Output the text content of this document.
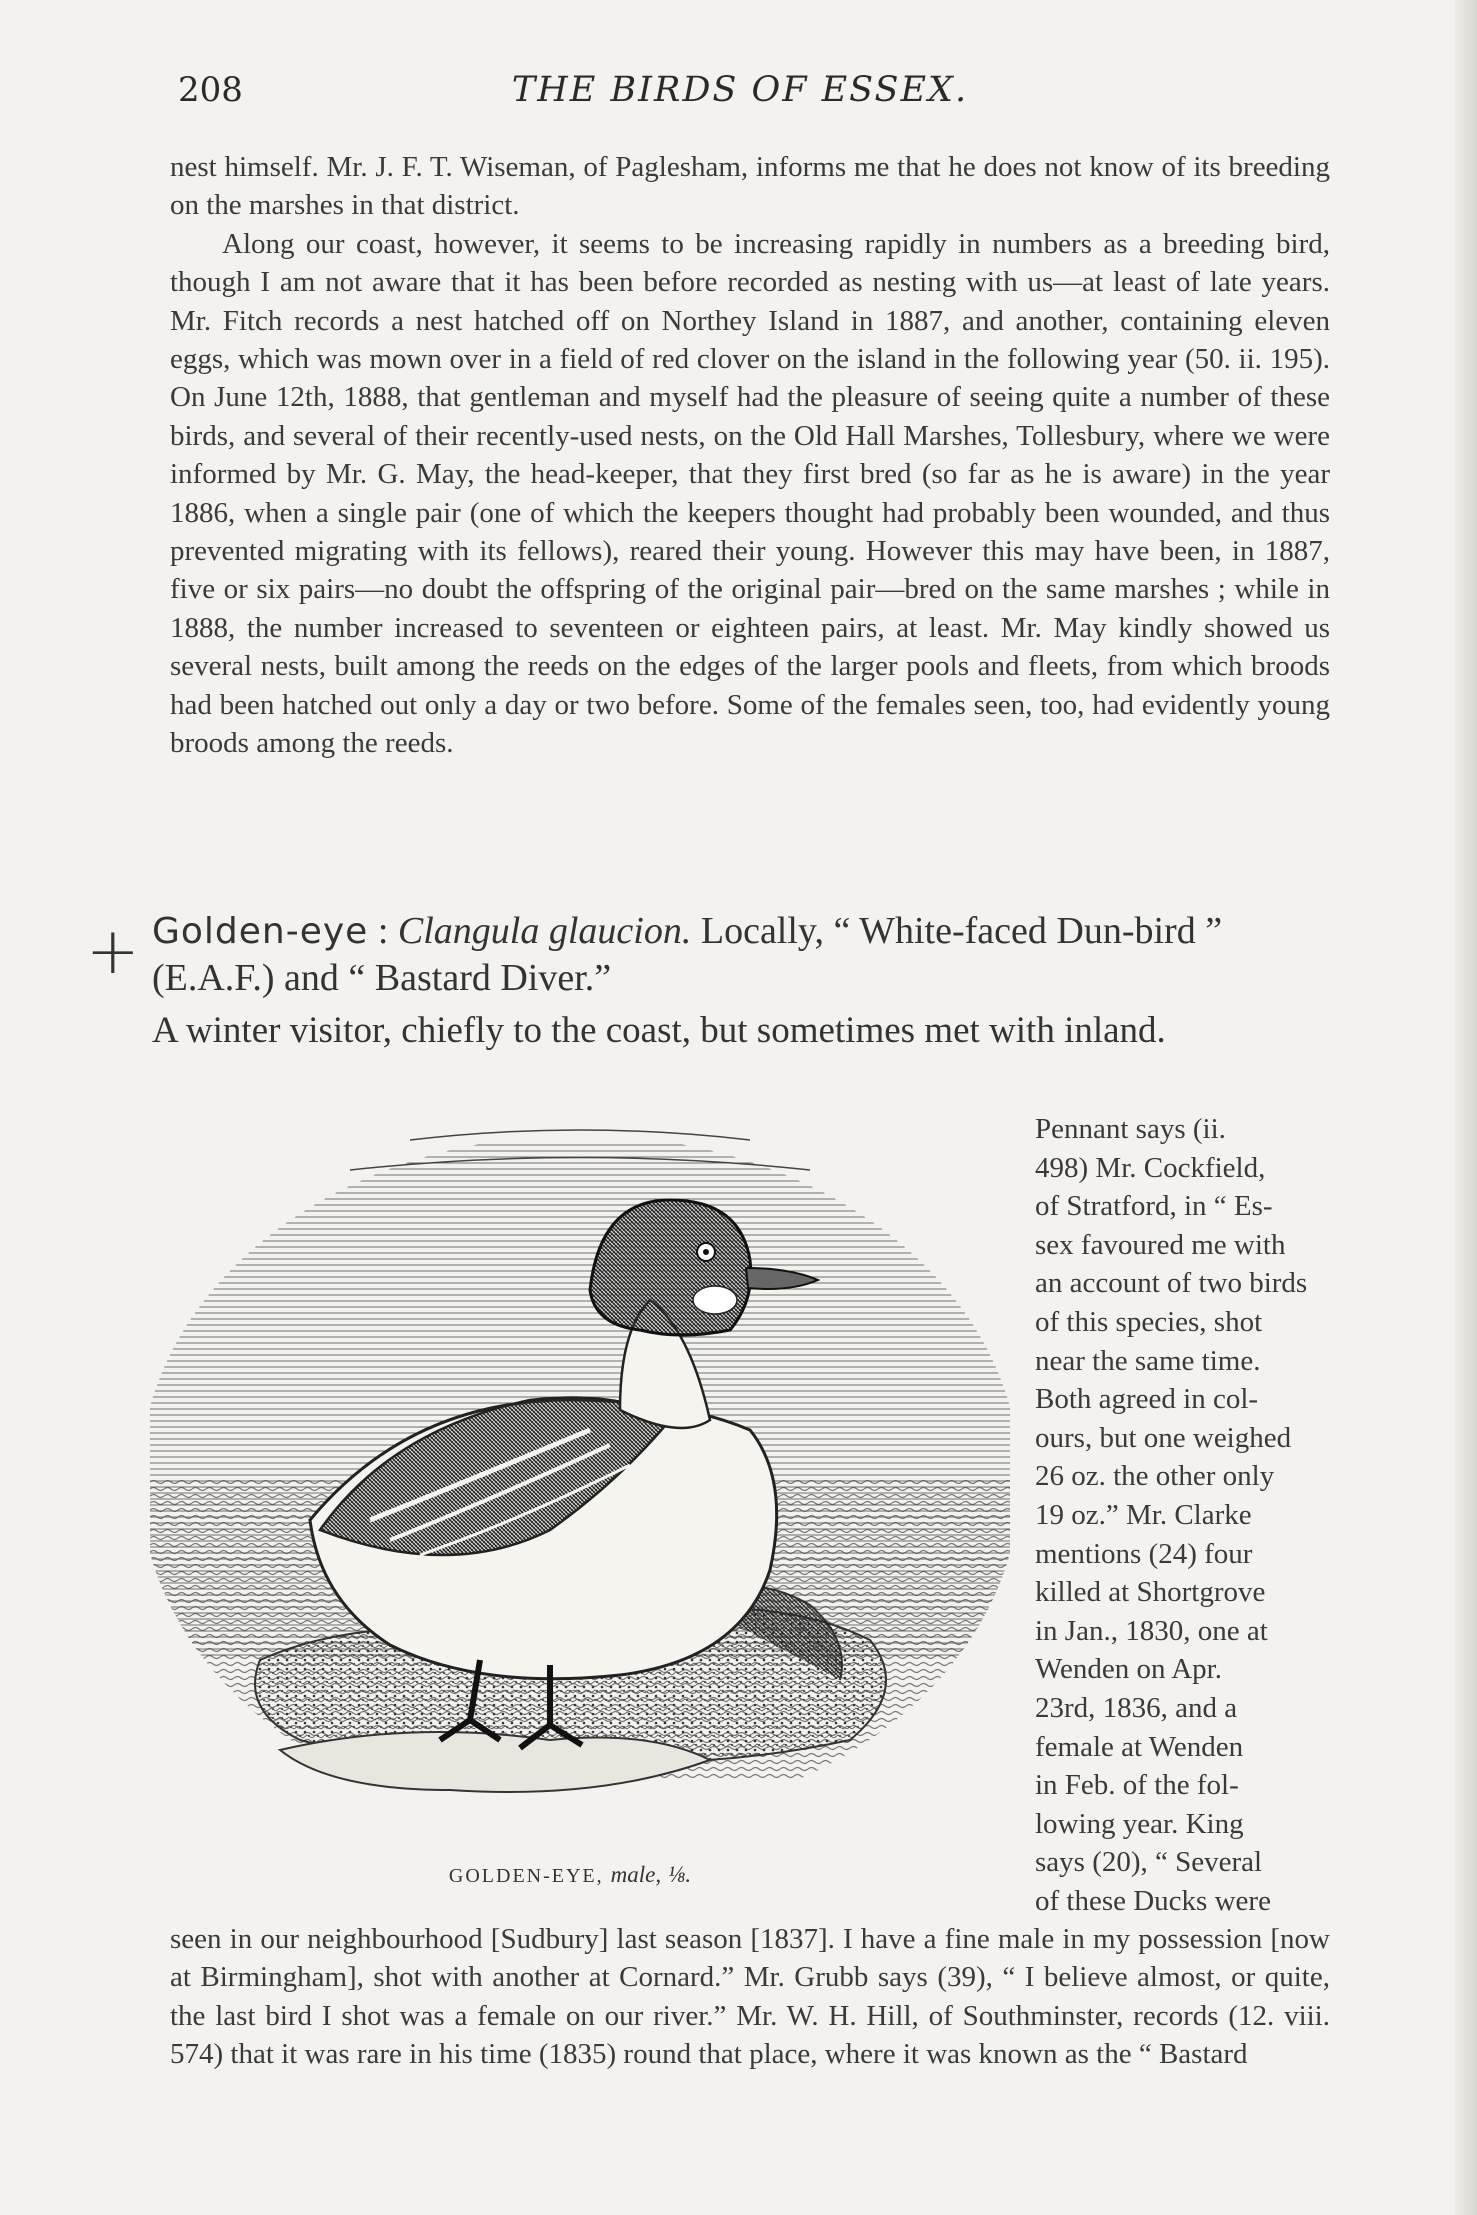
208	THE BIRDS OF ESSEX.

nest himself. Mr. J. F. T. Wiseman, of Paglesham, informs me that he does not know of its breeding on the marshes in that district.

Along our coast, however, it seems to be increasing rapidly in numbers as a breeding bird, though I am not aware that it has been before recorded as nesting with us—at least of late years. Mr. Fitch records a nest hatched off on Northey Island in 1887, and another, containing eleven eggs, which was mown over in a field of red clover on the island in the following year (50. ii. 195). On June 12th, 1888, that gentleman and myself had the pleasure of seeing quite a number of these birds, and several of their recently-used nests, on the Old Hall Marshes, Tollesbury, where we were informed by Mr. G. May, the head-keeper, that they first bred (so far as he is aware) in the year 1886, when a single pair (one of which the keepers thought had probably been wounded, and thus prevented migrating with its fellows), reared their young. However this may have been, in 1887, five or six pairs—no doubt the offspring of the original pair—bred on the same marshes ; while in 1888, the number increased to seventeen or eighteen pairs, at least. Mr. May kindly showed us several nests, built among the reeds on the edges of the larger pools and fleets, from which broods had been hatched out only a day or two before. Some of the females seen, too, had evidently young broods among the reeds.

+ Golden-eye : Clangula glaucion. Locally, “ White-faced Dun-bird ” (E.A.F.) and “ Bastard Diver.”
A winter visitor, chiefly to the coast, but sometimes met with inland.
GOLDEN-EYE, male, ⅛.
Pennant says (ii.
498) Mr. Cockfield,
of Stratford, in “ Es-
sex favoured me with
an account of two birds
of this species, shot
near the same time.
Both agreed in col-
ours, but one weighed
26 oz. the other only
19 oz.” Mr. Clarke
mentions (24) four
killed at Shortgrove
in Jan., 1830, one at
Wenden on Apr.
23rd, 1836, and a
female at Wenden
in Feb. of the fol-
lowing year. King
says (20), “ Several
of these Ducks were

seen in our neighbourhood [Sudbury] last season [1837]. I have a fine male in my possession [now at Birmingham], shot with another at Cornard.” Mr. Grubb says (39), “ I believe almost, or quite, the last bird I shot was a female on our river.” Mr. W. H. Hill, of Southminster, records (12. viii. 574) that it was rare in his time (1835) round that place, where it was known as the “ Bastard
